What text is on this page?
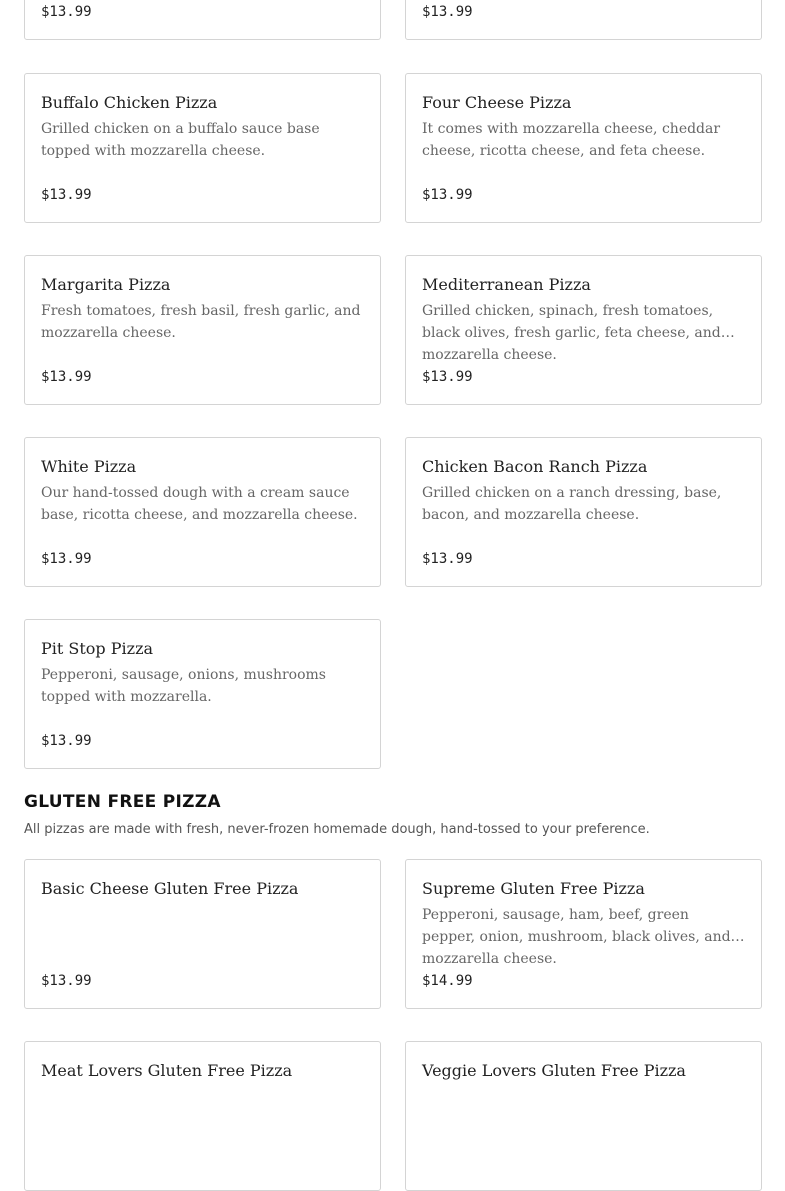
$13.99	$13.99
Buffalo Chicken Pizza
Grilled chicken on a buffalo sauce base topped with mozzarella cheese.
$13.99
Four Cheese Pizza
It comes with mozzarella cheese, cheddar cheese, ricotta cheese, and feta cheese.
$13.99
Margarita Pizza
Fresh tomatoes, fresh basil, fresh garlic, and mozzarella cheese.
$13.99
Mediterranean Pizza
Grilled chicken, spinach, fresh tomatoes, black olives, fresh garlic, feta cheese, and mozzarella cheese.
$13.99
White Pizza
Our hand-tossed dough with a cream sauce base, ricotta cheese, and mozzarella cheese.
$13.99
Chicken Bacon Ranch Pizza
Grilled chicken on a ranch dressing, base, bacon, and mozzarella cheese.
$13.99
Pit Stop Pizza
Pepperoni, sausage, onions, mushrooms topped with mozzarella.
$13.99
GLUTEN FREE PIZZA
All pizzas are made with fresh, never-frozen homemade dough, hand-tossed to your preference.
Basic Cheese Gluten Free Pizza
$13.99
Supreme Gluten Free Pizza
Pepperoni, sausage, ham, beef, green pepper, onion, mushroom, black olives, and mozzarella cheese.
$14.99
Meat Lovers Gluten Free Pizza	Veggie Lovers Gluten Free Pizza
